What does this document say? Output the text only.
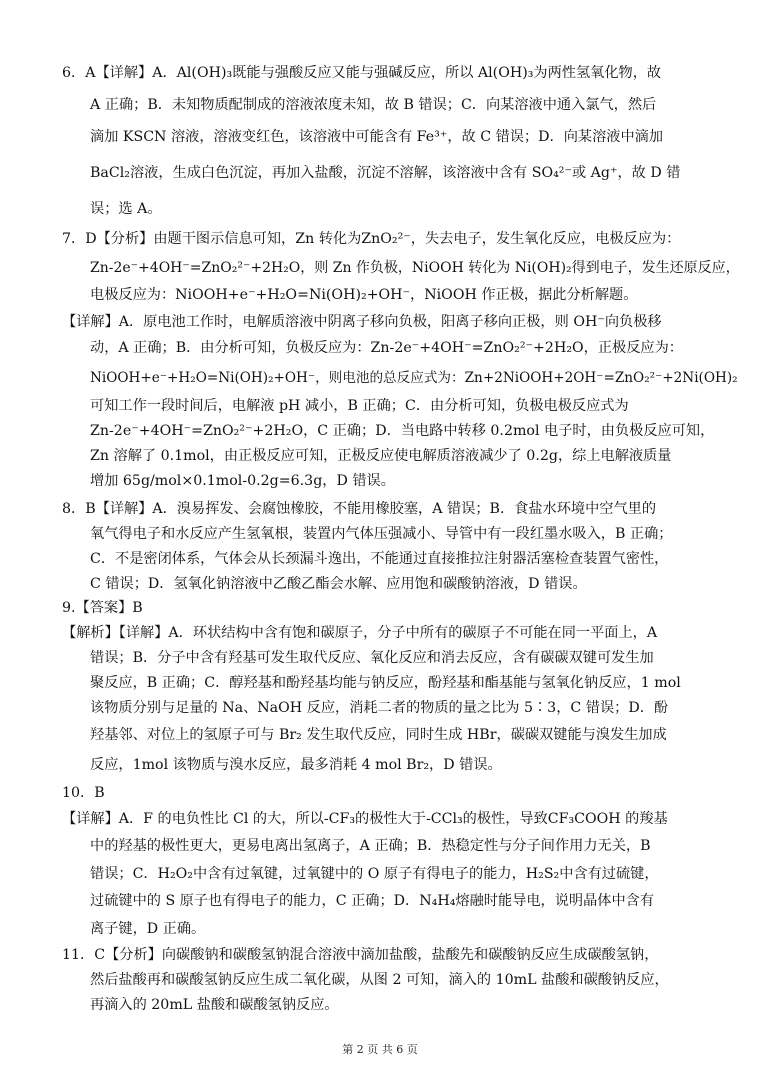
6．A【详解】A．Al(OH)₃既能与强酸反应又能与强碱反应，所以 Al(OH)₃为两性氢氧化物，故
A 正确；B．未知物质配制成的溶液浓度未知，故 B 错误；C．向某溶液中通入氯气，然后
滴加 KSCN 溶液，溶液变红色，该溶液中可能含有 Fe³⁺，故 C 错误；D．向某溶液中滴加
BaCl₂溶液，生成白色沉淀，再加入盐酸，沉淀不溶解，该溶液中含有 SO₄²⁻或 Ag⁺，故 D 错
误；选 A。
7．D【分析】由题干图示信息可知，Zn 转化为ZnO₂²⁻，失去电子，发生氧化反应，电极反应为：
Zn-2e⁻+4OH⁻=ZnO₂²⁻+2H₂O，则 Zn 作负极，NiOOH 转化为 Ni(OH)₂得到电子，发生还原反应，
电极反应为：NiOOH+e⁻+H₂O=Ni(OH)₂+OH⁻，NiOOH 作正极，据此分析解题。
【详解】A．原电池工作时，电解质溶液中阴离子移向负极，阳离子移向正极，则 OH⁻向负极移
动，A 正确；B．由分析可知，负极反应为：Zn-2e⁻+4OH⁻=ZnO₂²⁻+2H₂O，正极反应为：
NiOOH+e⁻+H₂O=Ni(OH)₂+OH⁻，则电池的总反应式为：Zn+2NiOOH+2OH⁻=ZnO₂²⁻+2Ni(OH)₂
可知工作一段时间后，电解液 pH 减小，B 正确；C．由分析可知，负极电极反应式为
Zn-2e⁻+4OH⁻=ZnO₂²⁻+2H₂O，C 正确；D．当电路中转移 0.2mol 电子时，由负极反应可知，
Zn 溶解了 0.1mol，由正极反应可知，正极反应使电解质溶液减少了 0.2g，综上电解液质量
增加 65g/mol×0.1mol-0.2g=6.3g，D 错误。
8．B【详解】A．溴易挥发、会腐蚀橡胶，不能用橡胶塞，A 错误；B．食盐水环境中空气里的
氧气得电子和水反应产生氢氧根，装置内气体压强减小、导管中有一段红墨水吸入，B 正确；
C．不是密闭体系，气体会从长颈漏斗逸出，不能通过直接推拉注射器活塞检查装置气密性，
C 错误；D．氢氧化钠溶液中乙酸乙酯会水解、应用饱和碳酸钠溶液，D 错误。
9.【答案】B
【解析】【详解】A．环状结构中含有饱和碳原子，分子中所有的碳原子不可能在同一平面上，A
错误；B．分子中含有羟基可发生取代反应、氧化反应和消去反应，含有碳碳双键可发生加
聚反应，B 正确；C．醇羟基和酚羟基均能与钠反应，酚羟基和酯基能与氢氧化钠反应，1 mol
该物质分别与足量的 Na、NaOH 反应，消耗二者的物质的量之比为 5∶3，C 错误；D．酚
羟基邻、对位上的氢原子可与 Br₂ 发生取代反应，同时生成 HBr，碳碳双键能与溴发生加成
反应，1mol 该物质与溴水反应，最多消耗 4 mol Br₂，D 错误。
10．B
【详解】A．F 的电负性比 Cl 的大，所以-CF₃的极性大于-CCl₃的极性，导致CF₃COOH 的羧基
中的羟基的极性更大，更易电离出氢离子，A 正确；B．热稳定性与分子间作用力无关，B
错误；C．H₂O₂中含有过氧键，过氧键中的 O 原子有得电子的能力，H₂S₂中含有过硫键，
过硫键中的 S 原子也有得电子的能力，C 正确；D．N₄H₄熔融时能导电，说明晶体中含有
离子键，D 正确。
11．C【分析】向碳酸钠和碳酸氢钠混合溶液中滴加盐酸，盐酸先和碳酸钠反应生成碳酸氢钠，
然后盐酸再和碳酸氢钠反应生成二氧化碳，从图 2 可知，滴入的 10mL 盐酸和碳酸钠反应，
再滴入的 20mL 盐酸和碳酸氢钠反应。
第 2 页 共 6 页
